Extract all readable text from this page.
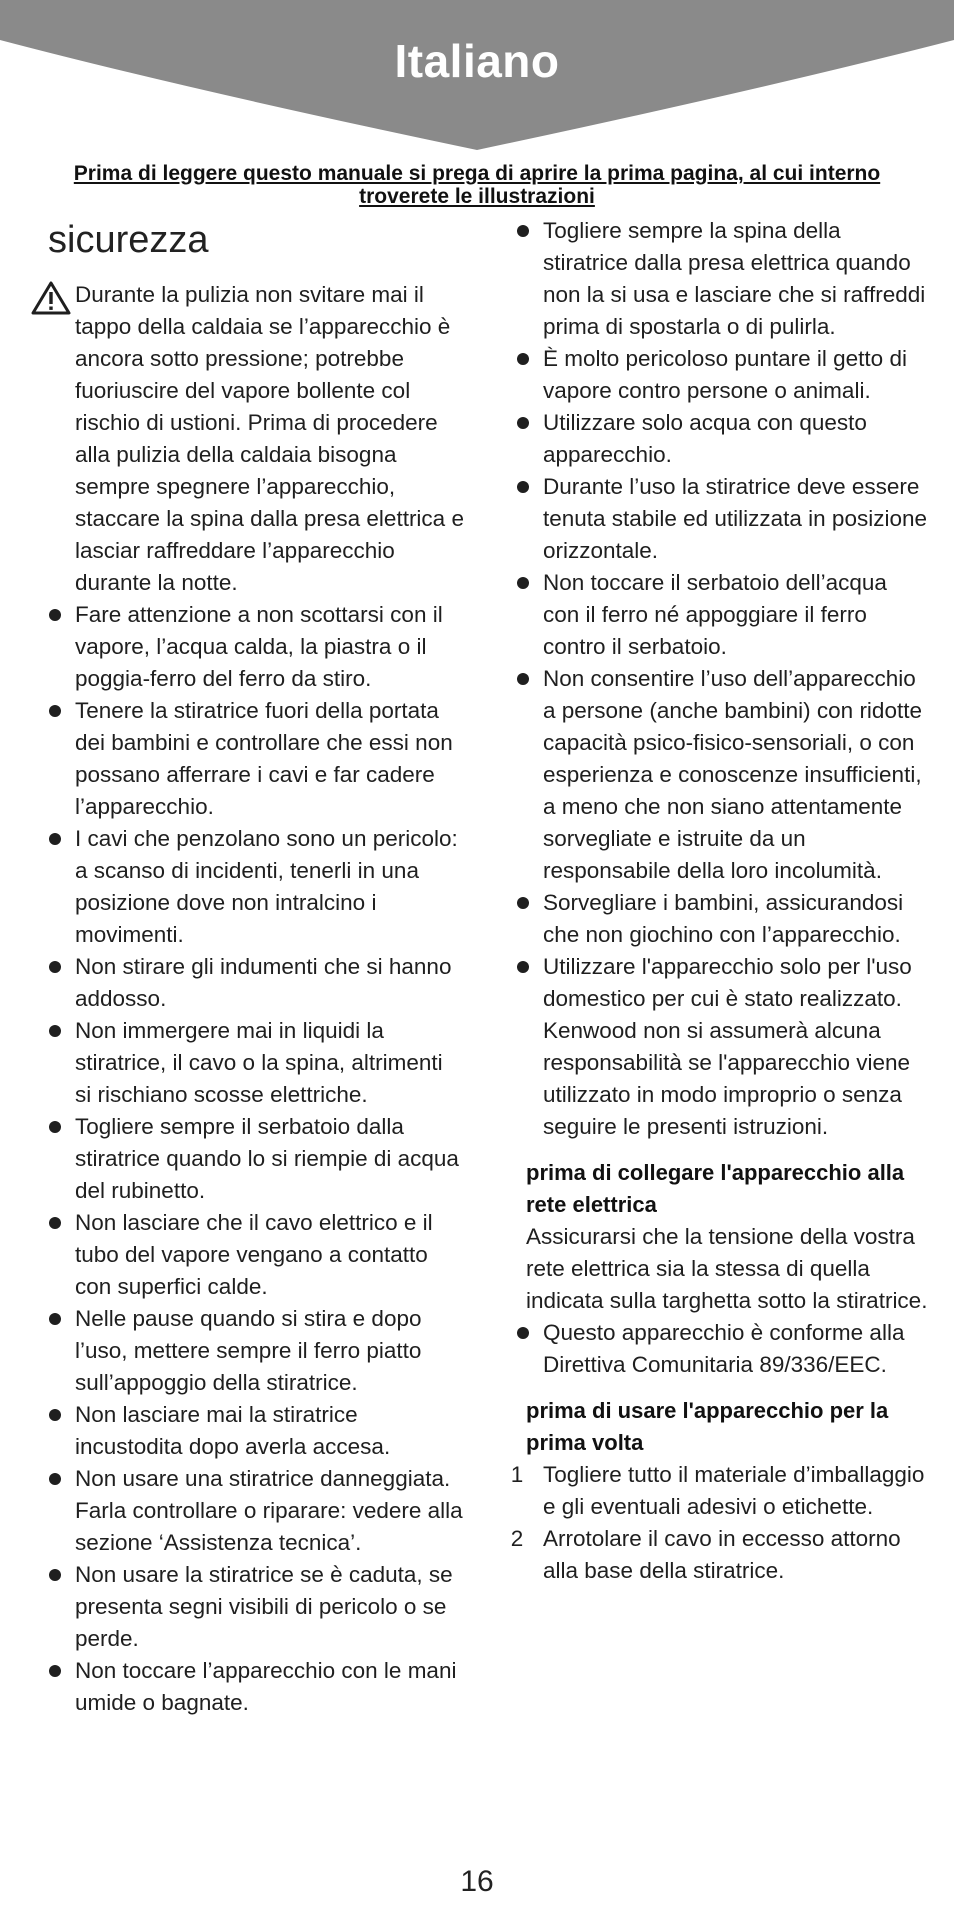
Italiano
Prima di leggere questo manuale si prega di aprire la prima pagina, al cui interno troverete le illustrazioni
sicurezza
Durante la pulizia non svitare mai il tappo della caldaia se l’apparecchio è ancora sotto pressione; potrebbe fuoriuscire del vapore bollente col rischio di ustioni. Prima di procedere alla pulizia della caldaia bisogna sempre spegnere l’apparecchio, staccare la spina dalla presa elettrica e lasciar raffreddare l’apparecchio durante la notte.
Fare attenzione a non scottarsi con il vapore, l’acqua calda, la piastra o il poggia-ferro del ferro da stiro.
Tenere la stiratrice fuori della portata dei bambini e controllare che essi non possano afferrare i cavi e far cadere l’apparecchio.
I cavi che penzolano sono un pericolo: a scanso di incidenti, tenerli in una posizione dove non intralcino i movimenti.
Non stirare gli indumenti che si hanno addosso.
Non immergere mai in liquidi la stiratrice, il cavo o la spina, altrimenti si rischiano scosse elettriche.
Togliere sempre il serbatoio dalla stiratrice quando lo si riempie di acqua del rubinetto.
Non lasciare che il cavo elettrico e il tubo del vapore vengano a contatto con superfici calde.
Nelle pause quando si stira e dopo l’uso, mettere sempre il ferro piatto sull’appoggio della stiratrice.
Non lasciare mai la stiratrice incustodita dopo averla accesa.
Non usare una stiratrice danneggiata. Farla controllare o riparare: vedere alla sezione ‘Assistenza tecnica’.
Non usare la stiratrice se è caduta, se presenta segni visibili di pericolo o se perde.
Non toccare l’apparecchio con le mani umide o bagnate.
Togliere sempre la spina della stiratrice dalla presa elettrica quando non la si usa e lasciare che si raffreddi prima di spostarla o di pulirla.
È molto pericoloso puntare il getto di vapore contro persone o animali.
Utilizzare solo acqua con questo apparecchio.
Durante l’uso la stiratrice deve essere tenuta stabile ed utilizzata in posizione orizzontale.
Non toccare il serbatoio dell’acqua con il ferro né appoggiare il ferro contro il serbatoio.
Non consentire l’uso dell’apparecchio a persone (anche bambini) con ridotte capacità psico-fisico-sensoriali, o con esperienza e conoscenze insufficienti, a meno che non siano attentamente sorvegliate e istruite da un responsabile della loro incolumità.
Sorvegliare i bambini, assicurandosi che non giochino con l’apparecchio.
Utilizzare l'apparecchio solo per l'uso domestico per cui è stato realizzato. Kenwood non si assumerà alcuna responsabilità se l'apparecchio viene utilizzato in modo improprio o senza seguire le presenti istruzioni.
prima di collegare l'apparecchio alla rete elettrica
Assicurarsi che la tensione della vostra rete elettrica sia la stessa di quella indicata sulla targhetta sotto la stiratrice.
Questo apparecchio è conforme alla Direttiva Comunitaria 89/336/EEC.
prima di usare l'apparecchio per la prima volta
1 Togliere tutto il materiale d’imballaggio e gli eventuali adesivi o etichette.
2 Arrotolare il cavo in eccesso attorno alla base della stiratrice.
16
